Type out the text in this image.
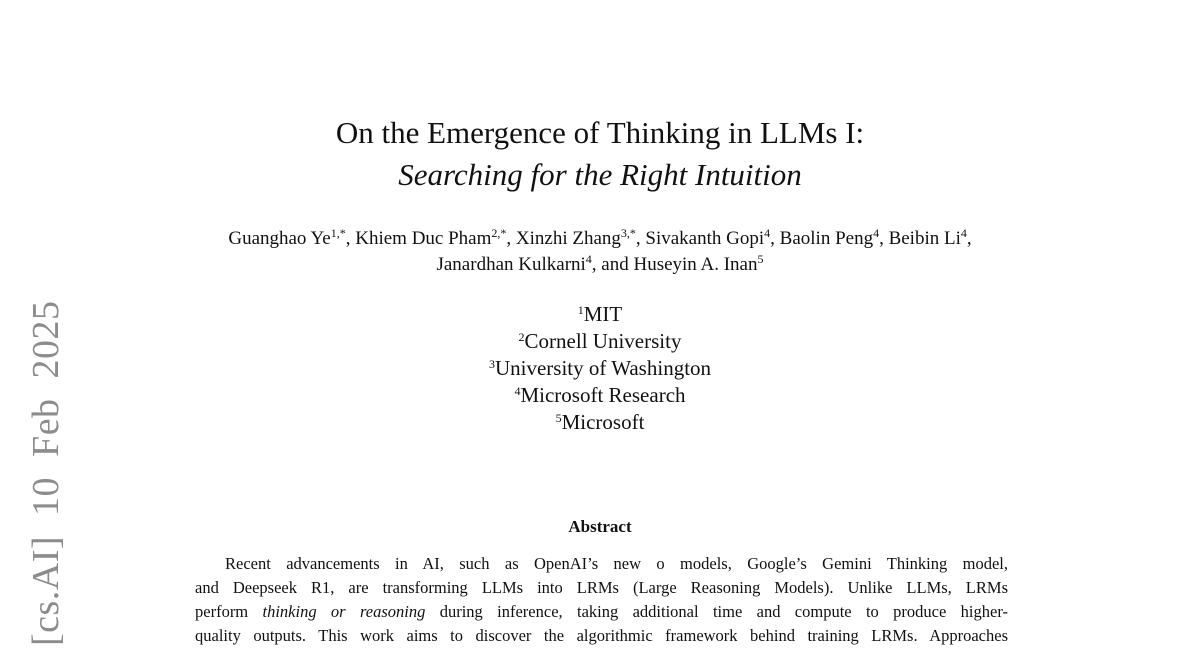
[cs.AI] 10 Feb 2025
On the Emergence of Thinking in LLMs I:
Searching for the Right Intuition
Guanghao $Ye^{1,*}$, Khiem Duc Pham$^{2,*}$, Xinzhi Zhang$^{3,*}$, Sivakanth Gopi$^4$, Baolin Peng$^4$, Beibin Li$^4$,
Janardhan Kulkarni$^4$, and Huseyin A. Inan$^5$
$^1$MIT
$^2$Cornell University
$^3$University of Washington
$^4$Microsoft Research
$^5$Microsoft
Abstract
Recent advancements in AI, such as OpenAI’s new o models, Google’s Gemini Thinking model,
and Deepseek R1, are transforming LLMs into LRMs (Large Reasoning Models). Unlike LLMs, LRMs
perform thinking or reasoning during inference, taking additional time and compute to produce higher-
quality outputs. This work aims to discover the algorithmic framework behind training LRMs. Approaches
